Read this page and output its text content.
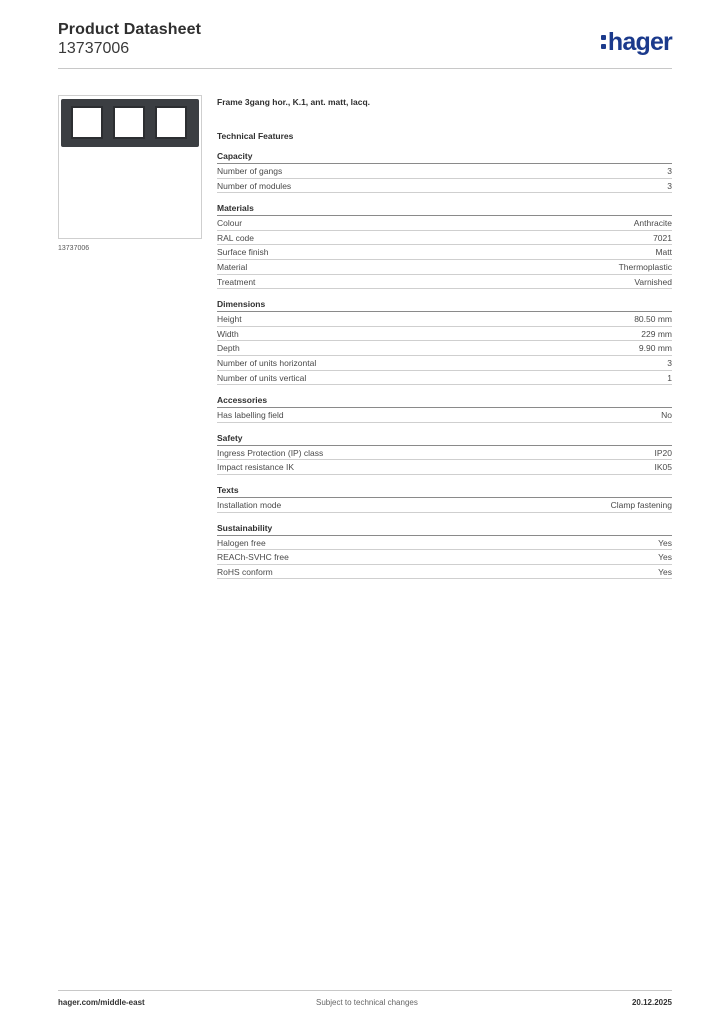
Product Datasheet
13737006	hager
13737006
Frame 3gang hor., K.1, ant. matt, lacq.
Technical Features
Capacity
Number of gangs	3
Number of modules	3
Materials
Colour	Anthracite
RAL code	7021
Surface finish	Matt
Material	Thermoplastic
Treatment	Varnished
Dimensions
Height	80.50 mm
Width	229 mm
Depth	9.90 mm
Number of units horizontal	3
Number of units vertical	1
Accessories
Has labelling field	No
Safety
Ingress Protection (IP) class	IP20
Impact resistance IK	IK05
Texts
Installation mode	Clamp fastening
Sustainability
Halogen free	Yes
REACh-SVHC free	Yes
RoHS conform	Yes
hager.com/middle-east	Subject to technical changes	20.12.2025
